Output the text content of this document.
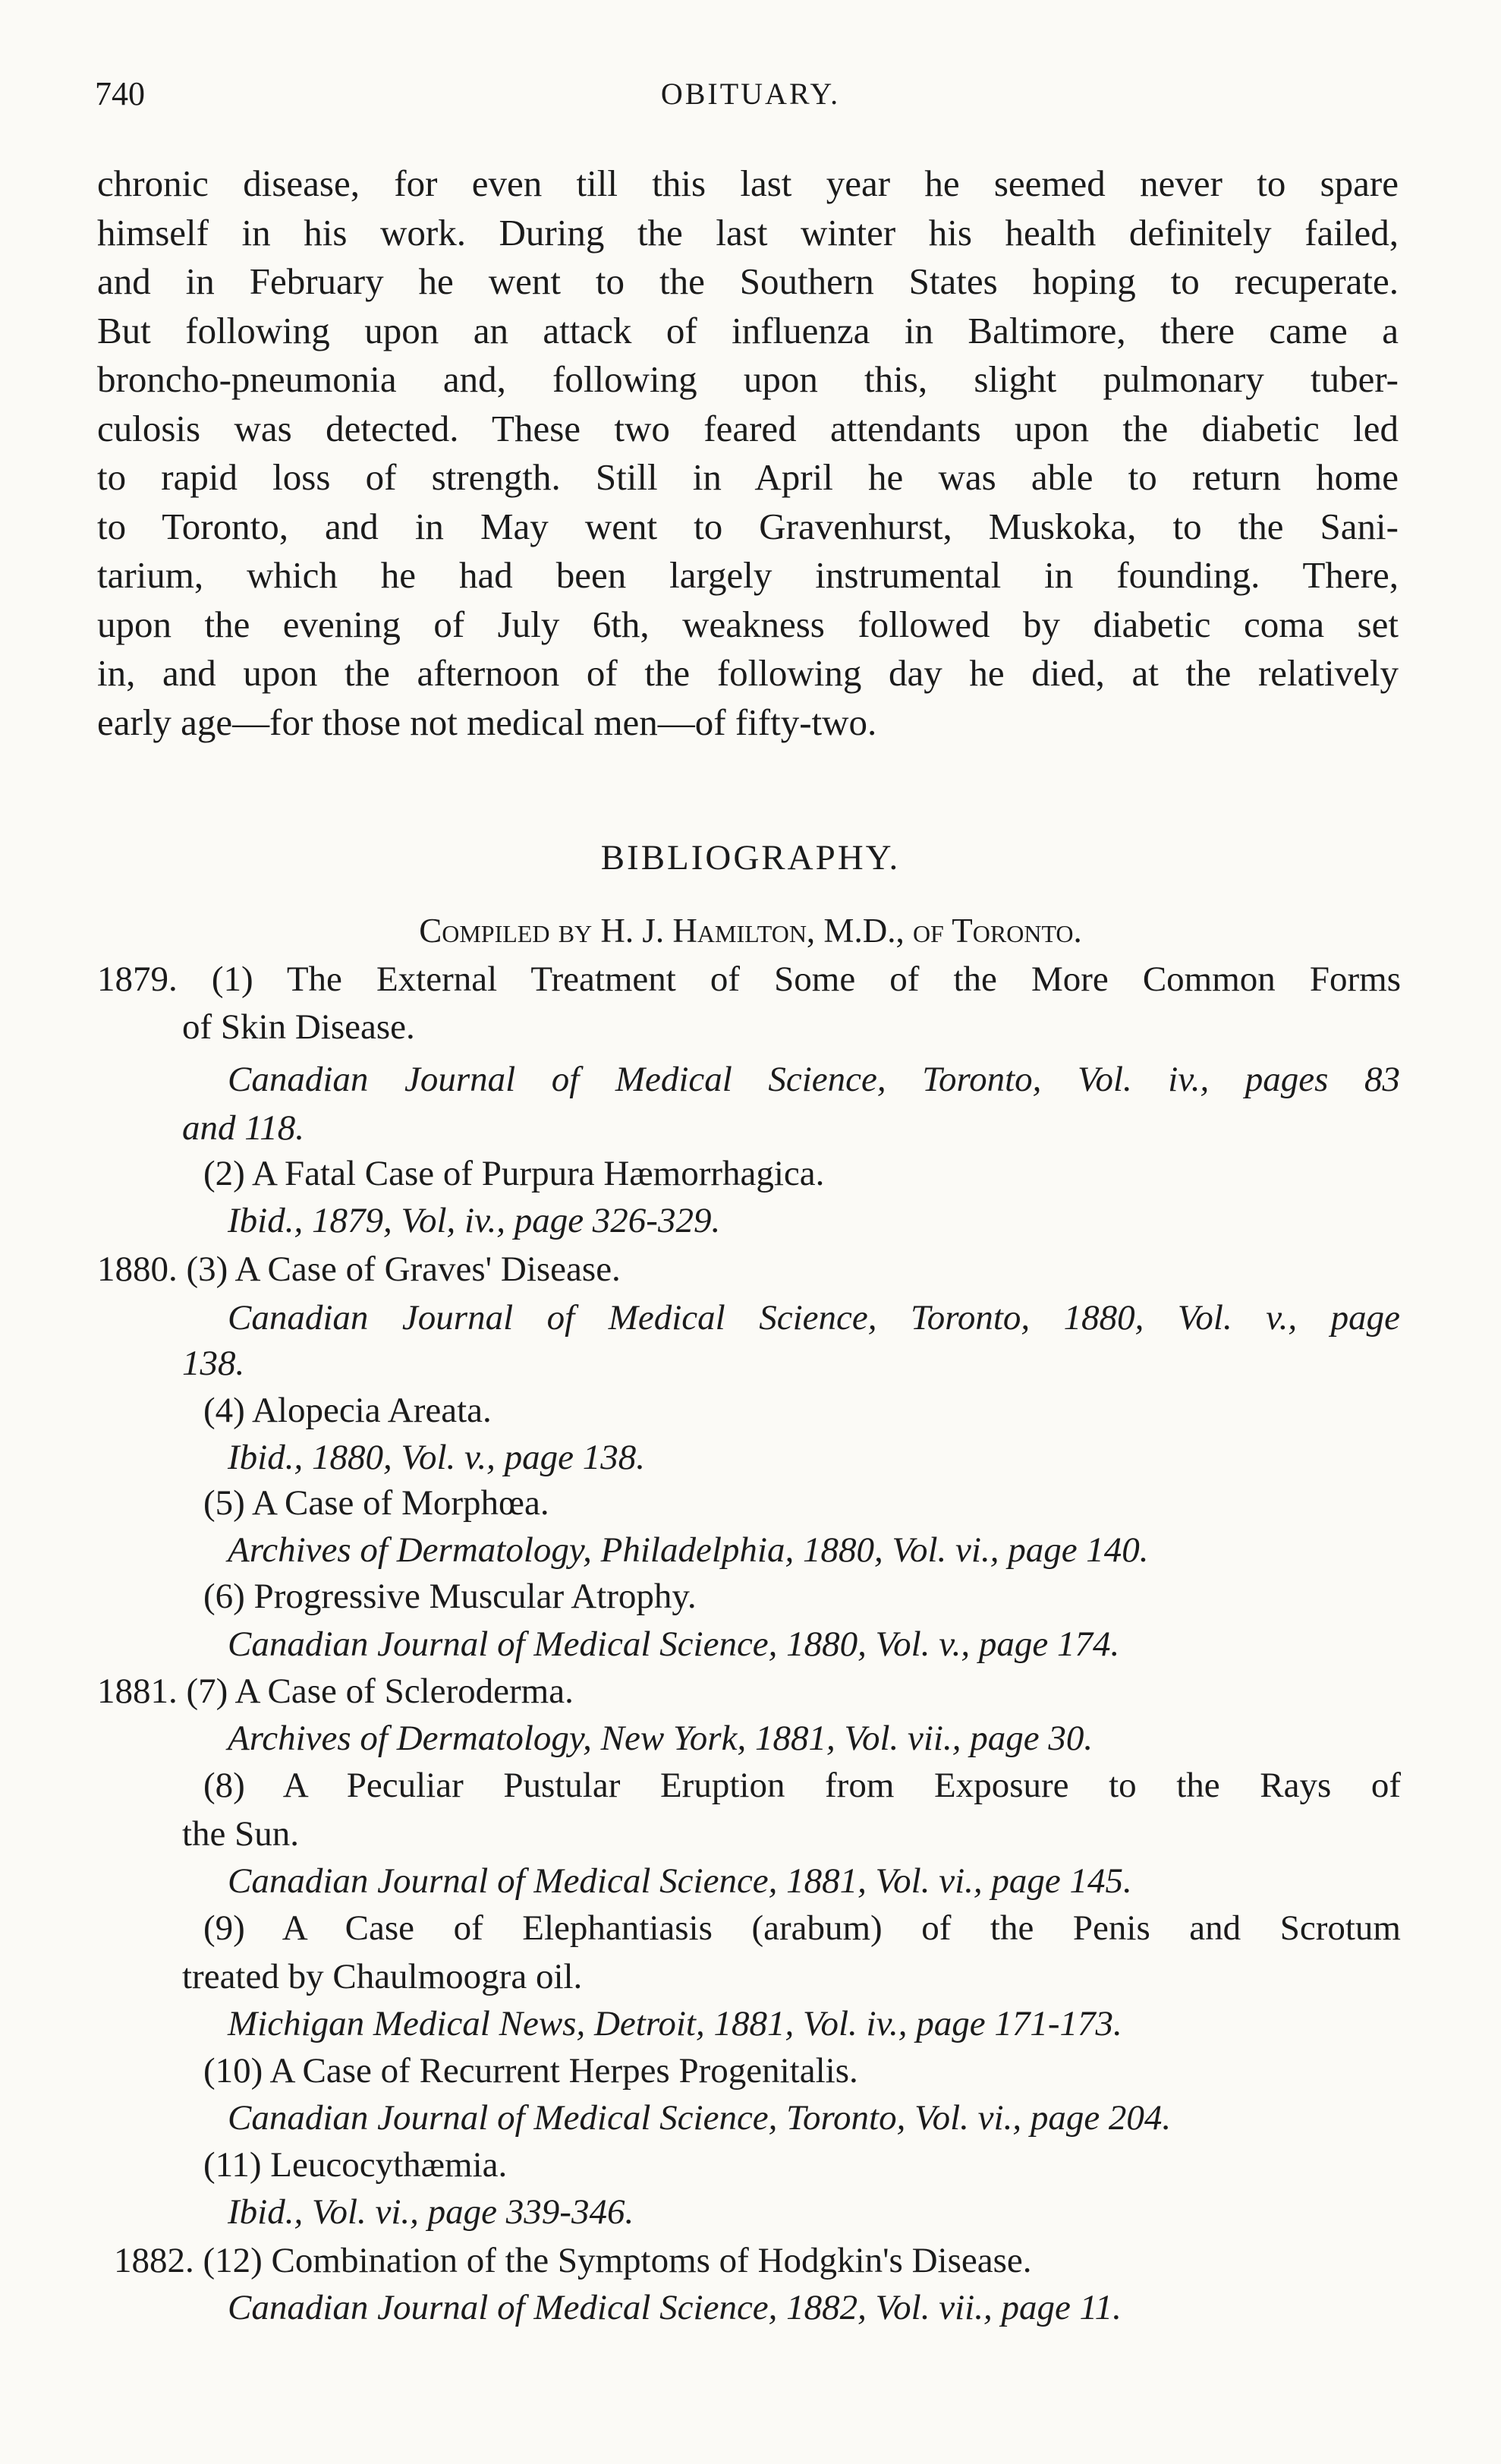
740	OBITUARY.
chronic disease, for even till this last year he seemed never to spare
himself in his work. During the last winter his health definitely failed,
and in February he went to the Southern States hoping to recuperate.
But following upon an attack of influenza in Baltimore, there came a
broncho-pneumonia and, following upon this, slight pulmonary tuber-
culosis was detected. These two feared attendants upon the diabetic led
to rapid loss of strength. Still in April he was able to return home
to Toronto, and in May went to Gravenhurst, Muskoka, to the Sani-
tarium, which he had been largely instrumental in founding. There,
upon the evening of July 6th, weakness followed by diabetic coma set
in, and upon the afternoon of the following day he died, at the relatively
early age—for those not medical men—of fifty-two.
BIBLIOGRAPHY.
Compiled by H. J. Hamilton, M.D., of Toronto.
1879. (1) The External Treatment of Some of the More Common Forms
of Skin Disease.
Canadian Journal of Medical Science, Toronto, Vol. iv., pages 83
and 118.
(2) A Fatal Case of Purpura Hæmorrhagica.
Ibid., 1879, Vol, iv., page 326-329.
1880. (3) A Case of Graves' Disease.
Canadian Journal of Medical Science, Toronto, 1880, Vol. v., page
138.
(4) Alopecia Areata.
Ibid., 1880, Vol. v., page 138.
(5) A Case of Morphœa.
Archives of Dermatology, Philadelphia, 1880, Vol. vi., page 140.
(6) Progressive Muscular Atrophy.
Canadian Journal of Medical Science, 1880, Vol. v., page 174.
1881. (7) A Case of Scleroderma.
Archives of Dermatology, New York, 1881, Vol. vii., page 30.
(8) A Peculiar Pustular Eruption from Exposure to the Rays of
the Sun.
Canadian Journal of Medical Science, 1881, Vol. vi., page 145.
(9) A Case of Elephantiasis (arabum) of the Penis and Scrotum
treated by Chaulmoogra oil.
Michigan Medical News, Detroit, 1881, Vol. iv., page 171-173.
(10) A Case of Recurrent Herpes Progenitalis.
Canadian Journal of Medical Science, Toronto, Vol. vi., page 204.
(11) Leucocythæmia.
Ibid., Vol. vi., page 339-346.
1882. (12) Combination of the Symptoms of Hodgkin's Disease.
Canadian Journal of Medical Science, 1882, Vol. vii., page 11.
